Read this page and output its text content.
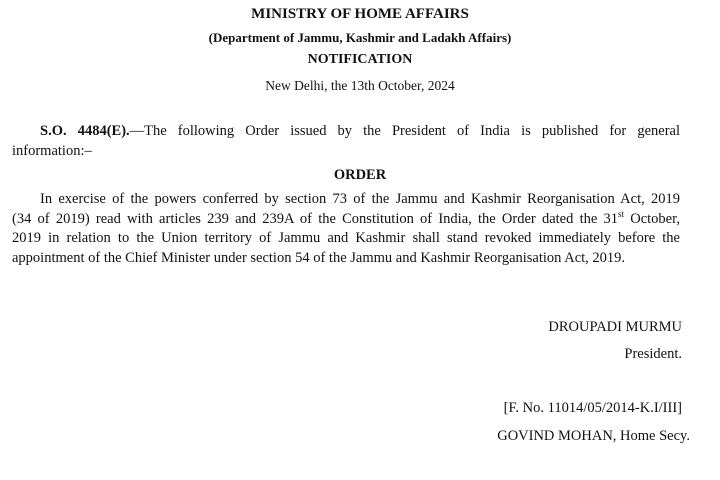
MINISTRY OF HOME AFFAIRS
(Department of Jammu, Kashmir and Ladakh Affairs)
NOTIFICATION
New Delhi, the 13th October, 2024
S.O. 4484(E).—The following Order issued by the President of India is published for general
information:–
ORDER
In exercise of the powers conferred by section 73 of the Jammu and Kashmir Reorganisation Act, 2019
(34 of 2019) read with articles 239 and 239A of the Constitution of India, the Order dated the 31st October,
2019 in relation to the Union territory of Jammu and Kashmir shall stand revoked immediately before the
appointment of the Chief Minister under section 54 of the Jammu and Kashmir Reorganisation Act, 2019.
DROUPADI MURMU
President.
[F. No. 11014/05/2014-K.I/III]
GOVIND MOHAN, Home Secy.
